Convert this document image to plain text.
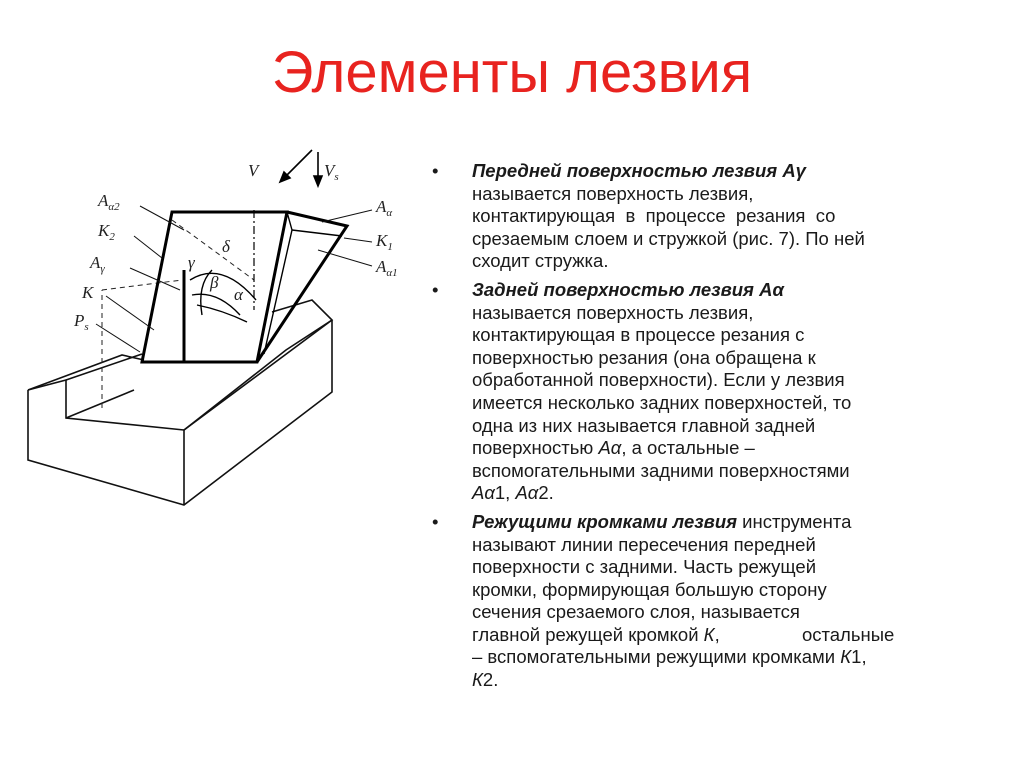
Элементы лезвия
V	$V_s$
$A_{\alpha 2}$
$K_2$
$A_\gamma$
K
$P_s$
$A_\alpha$
$K_1$
$A_{\alpha 1}$
γ
β
δ
α
• Передней поверхностью лезвия Аγ
называется поверхность лезвия,
контактирующая  в  процессе  резания  со
срезаемым слоем и стружкой (рис. 7). По ней
сходит стружка.
• Задней поверхностью лезвия Аα
называется поверхность лезвия,
контактирующая в процессе резания с
поверхностью резания (она обращена к
обработанной поверхности). Если у лезвия
имеется несколько задних поверхностей, то
одна из них называется главной задней
поверхностью Аα, а остальные –
вспомогательными задними поверхностями
Аα1, Аα2.
• Режущими кромками лезвия инструмента
называют линии пересечения передней
поверхности с задними. Часть режущей
кромки, формирующая большую сторону
сечения срезаемого слоя, называется
главной режущей кромкой К,                остальные
– вспомогательными режущими кромками К1,
К2.
